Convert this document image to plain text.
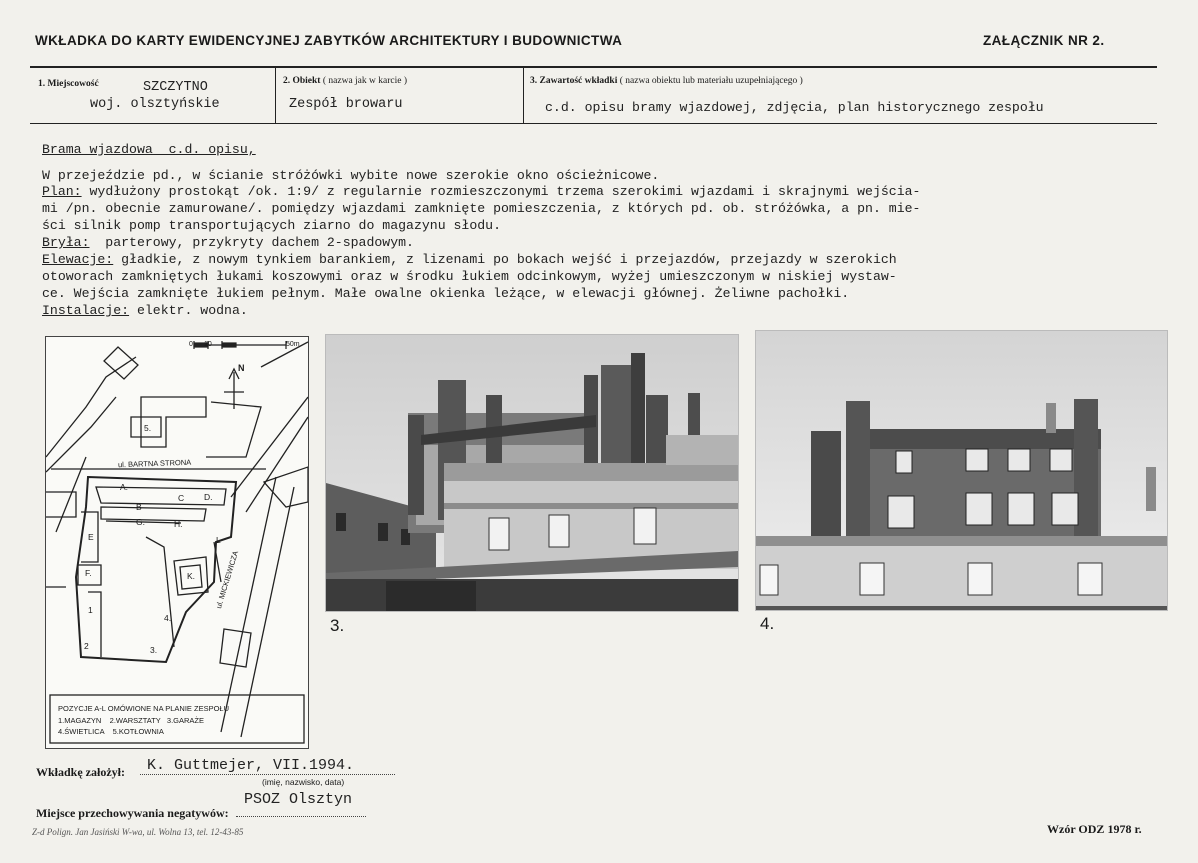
WKŁADKA DO KARTY EWIDENCYJNEJ ZABYTKÓW ARCHITEKTURY I BUDOWNICTWA	ZAŁĄCZNIK NR 2.
1. Miejscowość	SZCZYTNO
woj. olsztyńskie
2. Obiekt ( nazwa jak w karcie )
Zespół browaru
3. Zawartość wkładki ( nazwa obiektu lub materiału uzupełniającego )
c.d. opisu bramy wjazdowej, zdjęcia, plan historycznego zespołu
Brama wjazdowa  c.d. opisu,
W przejeździe pd., w ścianie stróżówki wybite nowe szerokie okno ościeżnicowe.
Plan: wydłużony prostokąt /ok. 1:9/ z regularnie rozmieszczonymi trzema szerokimi wjazdami i skrajnymi wejścia-
mi /pn. obecnie zamurowane/. pomiędzy wjazdami zamknięte pomieszczenia, z których pd. ob. stróżówka, a pn. mie-
ści silnik pomp transportujących ziarno do magazynu słodu.
Bryła:  parterowy, przykryty dachem 2-spadowym.
Elewacje: gładkie, z nowym tynkiem barankiem, z lizenami po bokach wejść i przejazdów, przejazdy w szerokich
otoworach zamkniętych łukami koszowymi oraz w środku łukiem odcinkowym, wyżej umieszczonym w niskiej wystaw-
ce. Wejścia zamknięte łukiem pełnym. Małe owalne okienka leżące, w elewacji głównej. Żeliwne pachołki.
Instalacje: elektr. wodna.
0 10	50m
N
ul. BARTNA STRONA
ul. MICKIEWICZA
A.
B
C D.
E
F.
G.	H.
K.
L
5.
1
2	3.
4.
POZYCJE A-L OMÓWIONE NA PLANIE ZESPOŁU
1.MAGAZYN    2.WARSZTATY   3.GARAŻE
4.ŚWIETLICA    5.KOTŁOWNIA
3.	4.
Wkładkę założył: K. Guttmejer, VII.1994.
(imię, nazwisko, data)
PSOZ Olsztyn
Miejsce przechowywania negatywów:
Z-d Polign. Jan Jasiński W-wa, ul. Wolna 13, tel. 12-43-85	Wzór ODZ 1978 r.
